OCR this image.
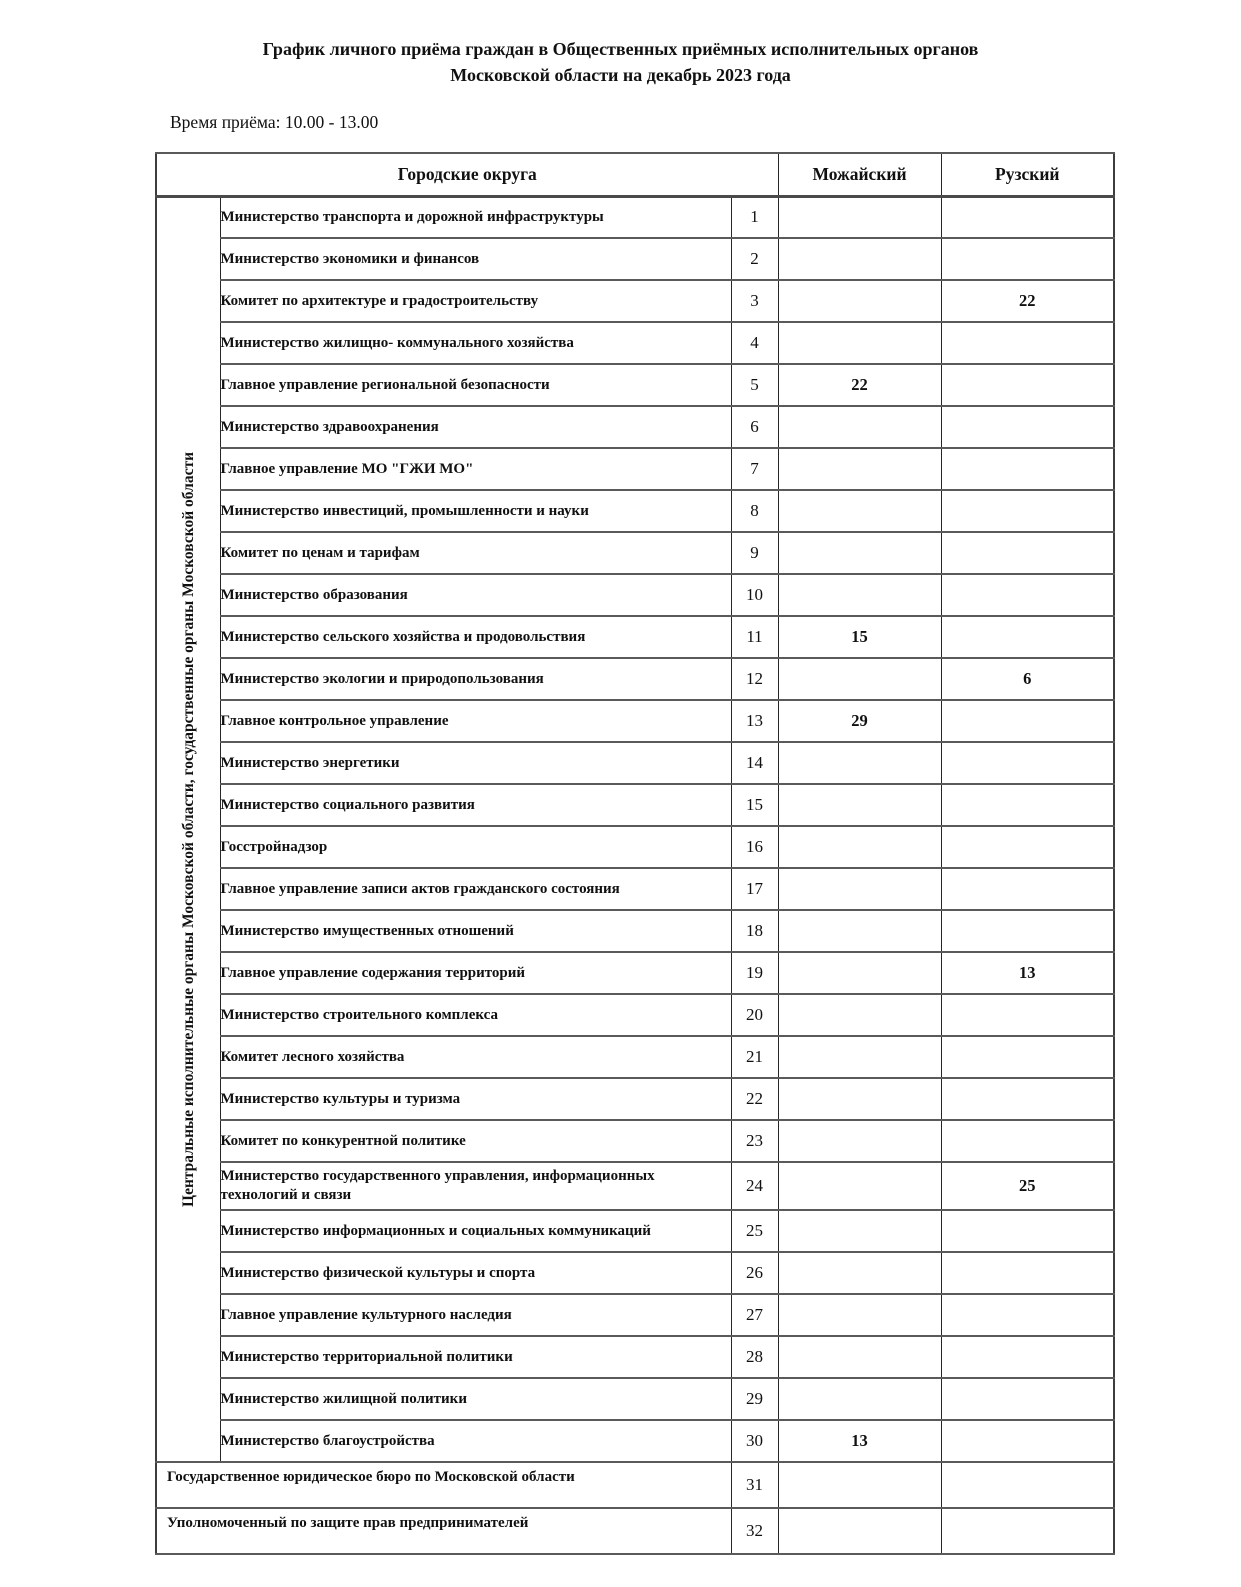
График личного приёма граждан в Общественных приёмных исполнительных органов
Московской области на декабрь 2023 года
Время приёма: 10.00 - 13.00
Городские округа			Можайский	Рузский

Центральные исполнительные органы Московской области, государственные органы Московской области	Министерство транспорта и дорожной инфраструктуры	1		
	Министерство экономики и финансов	2		
	Комитет по архитектуре и градостроительству	3		22
	Министерство жилищно- коммунального хозяйства	4		
	Главное управление региональной безопасности	5	22	
	Министерство здравоохранения	6		
	Главное управление МО "ГЖИ МО"	7		
	Министерство инвестиций, промышленности и науки	8		
	Комитет по ценам и тарифам	9		
	Министерство образования	10		
	Министерство сельского хозяйства и продовольствия	11	15	
	Министерство экологии и природопользования	12		6
	Главное контрольное управление	13	29	
	Министерство энергетики	14		
	Министерство социального развития	15		
	Госстройнадзор	16		
	Главное управление записи актов гражданского состояния	17		
	Министерство имущественных отношений	18		
	Главное управление содержания территорий	19		13
	Министерство строительного комплекса	20		
	Комитет лесного хозяйства	21		
	Министерство культуры и туризма	22		
	Комитет по конкурентной политике	23		
	Министерство государственного управления, информационных технологий и связи	24		25
	Министерство информационных и социальных коммуникаций	25		
	Министерство физической культуры и спорта	26		
	Главное управление культурного наследия	27		
	Министерство территориальной политики	28		
	Министерство жилищной политики	29		
	Министерство благоустройства	30	13	
Государственное юридическое бюро по Московской области		31		
Уполномоченный по защите прав предпринимателей		32		
